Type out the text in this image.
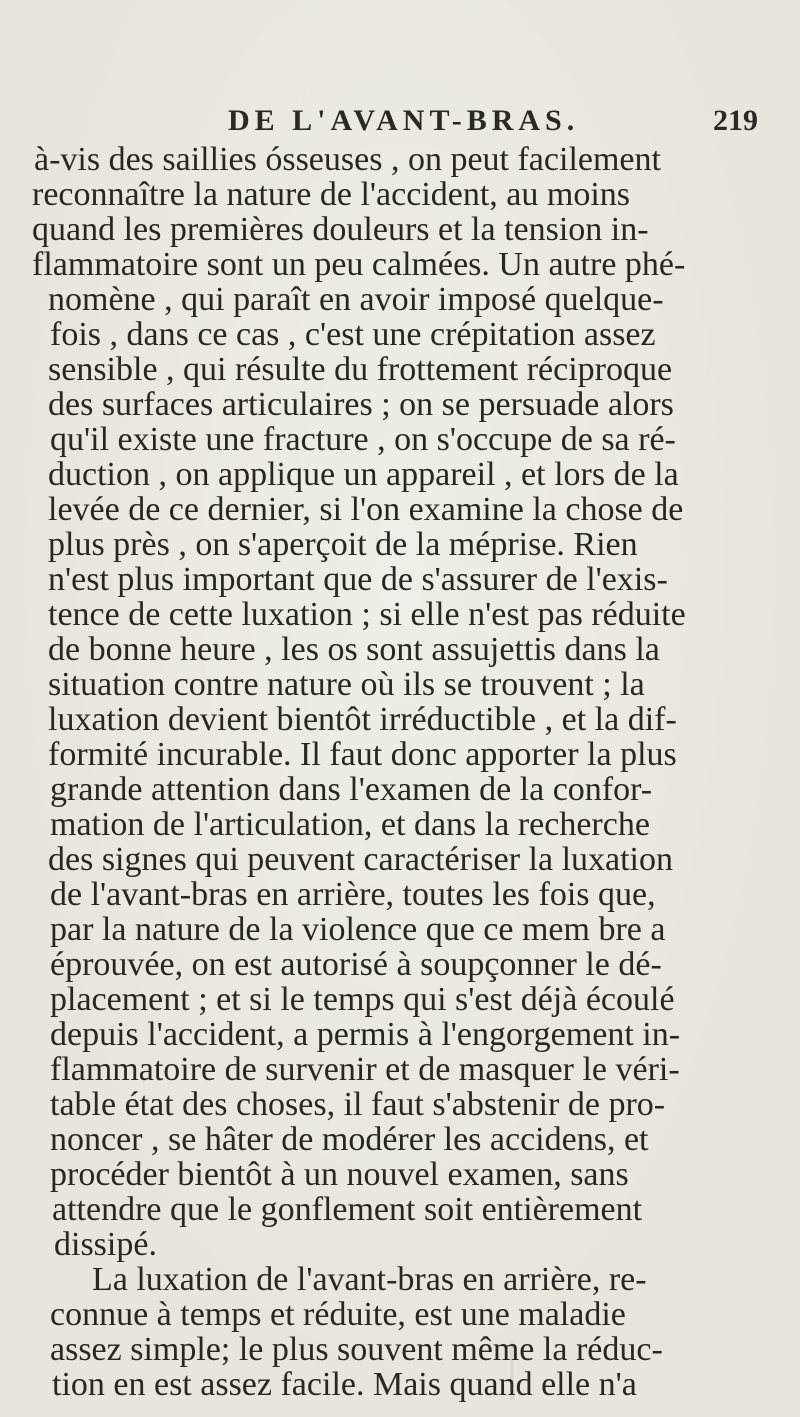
DE L'AVANT-BRAS.	219
à-vis des saillies ósseuses , on peut facilement
reconnaître la nature de l'accident, au moins
quand les premières douleurs et la tension in-
flammatoire sont un peu calmées. Un autre phé-
nomène , qui paraît en avoir imposé quelque-
fois , dans ce cas , c'est une crépitation assez
sensible , qui résulte du frottement réciproque
des surfaces articulaires ; on se persuade alors
qu'il existe une fracture , on s'occupe de sa ré-
duction , on applique un appareil , et lors de la
levée de ce dernier, si l'on examine la chose de
plus près , on s'aperçoit de la méprise. Rien
n'est plus important que de s'assurer de l'exis-
tence de cette luxation ; si elle n'est pas réduite
de bonne heure , les os sont assujettis dans la
situation contre nature où ils se trouvent ; la
luxation devient bientôt irréductible , et la dif-
formité incurable. Il faut donc apporter la plus
grande attention dans l'examen de la confor-
mation de l'articulation, et dans la recherche
des signes qui peuvent caractériser la luxation
de l'avant-bras en arrière, toutes les fois que,
par la nature de la violence que ce mem bre a
éprouvée, on est autorisé à soupçonner le dé-
placement ; et si le temps qui s'est déjà écoulé
depuis l'accident, a permis à l'engorgement in-
flammatoire de survenir et de masquer le véri-
table état des choses, il faut s'abstenir de pro-
noncer , se hâter de modérer les accidens, et
procéder bientôt à un nouvel examen, sans
attendre que le gonflement soit entièrement
dissipé.
La luxation de l'avant-bras en arrière, re-
connue à temps et réduite, est une maladie
assez simple; le plus souvent même la réduc-
tion en est assez facile. Mais quand elle n'a
